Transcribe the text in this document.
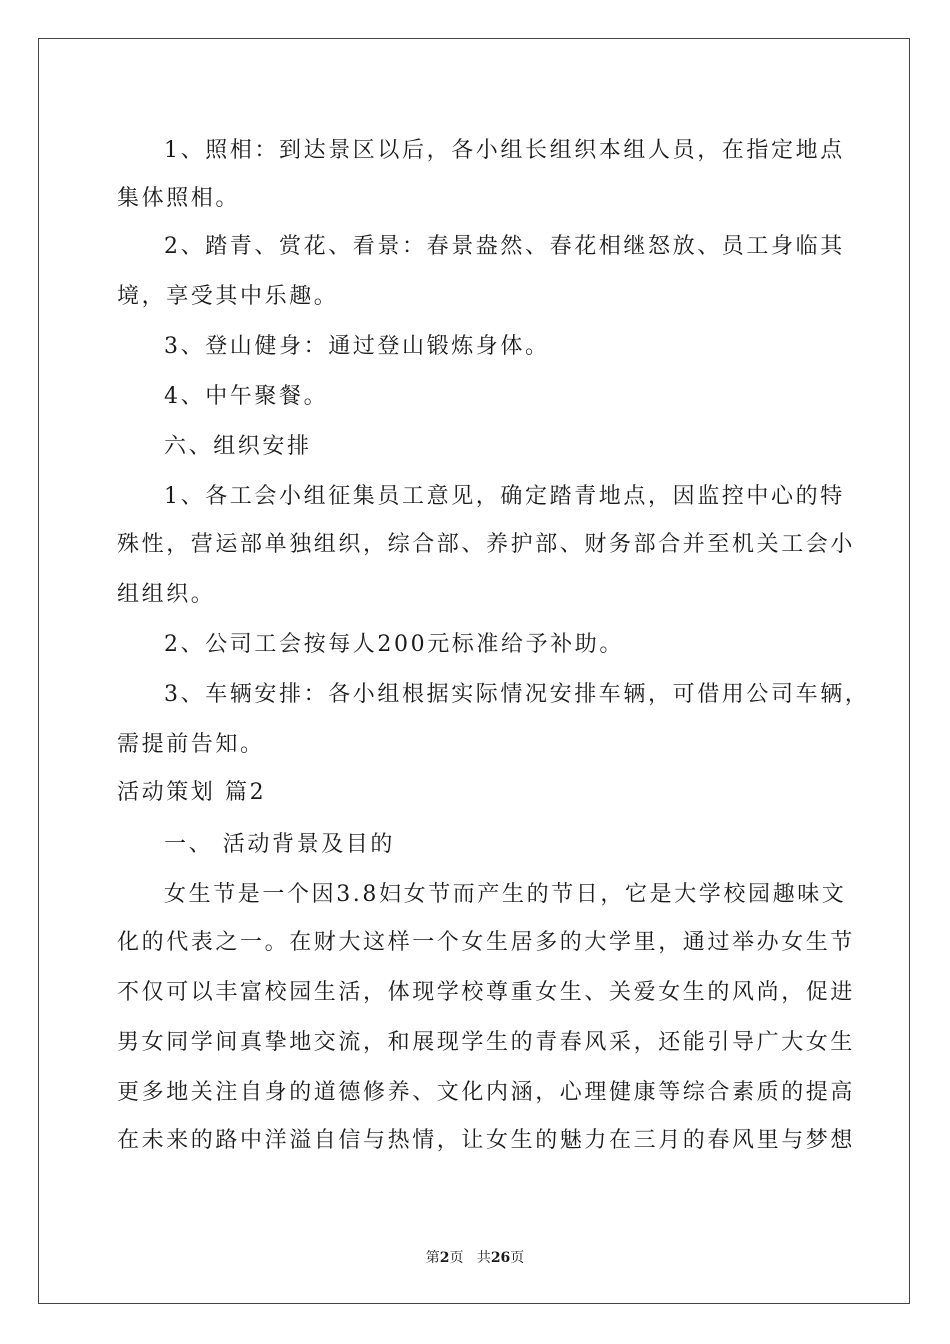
1、照相：到达景区以后，各小组长组织本组人员，在指定地点
集体照相。
2、踏青、赏花、看景：春景盎然、春花相继怒放、员工身临其
境，享受其中乐趣。
3、登山健身：通过登山锻炼身体。
4、中午聚餐。
六、组织安排
1、各工会小组征集员工意见，确定踏青地点，因监控中心的特
殊性，营运部单独组织，综合部、养护部、财务部合并至机关工会小
组组织。
2、公司工会按每人200元标准给予补助。
3、车辆安排：各小组根据实际情况安排车辆，可借用公司车辆，
需提前告知。
活动策划 篇2
一、 活动背景及目的
女生节是一个因3.8妇女节而产生的节日，它是大学校园趣味文
化的代表之一。在财大这样一个女生居多的大学里，通过举办女生节
不仅可以丰富校园生活，体现学校尊重女生、关爱女生的风尚，促进
男女同学间真挚地交流，和展现学生的青春风采，还能引导广大女生
更多地关注自身的道德修养、文化内涵，心理健康等综合素质的提高
在未来的路中洋溢自信与热情，让女生的魅力在三月的春风里与梦想
第2页 共26页
